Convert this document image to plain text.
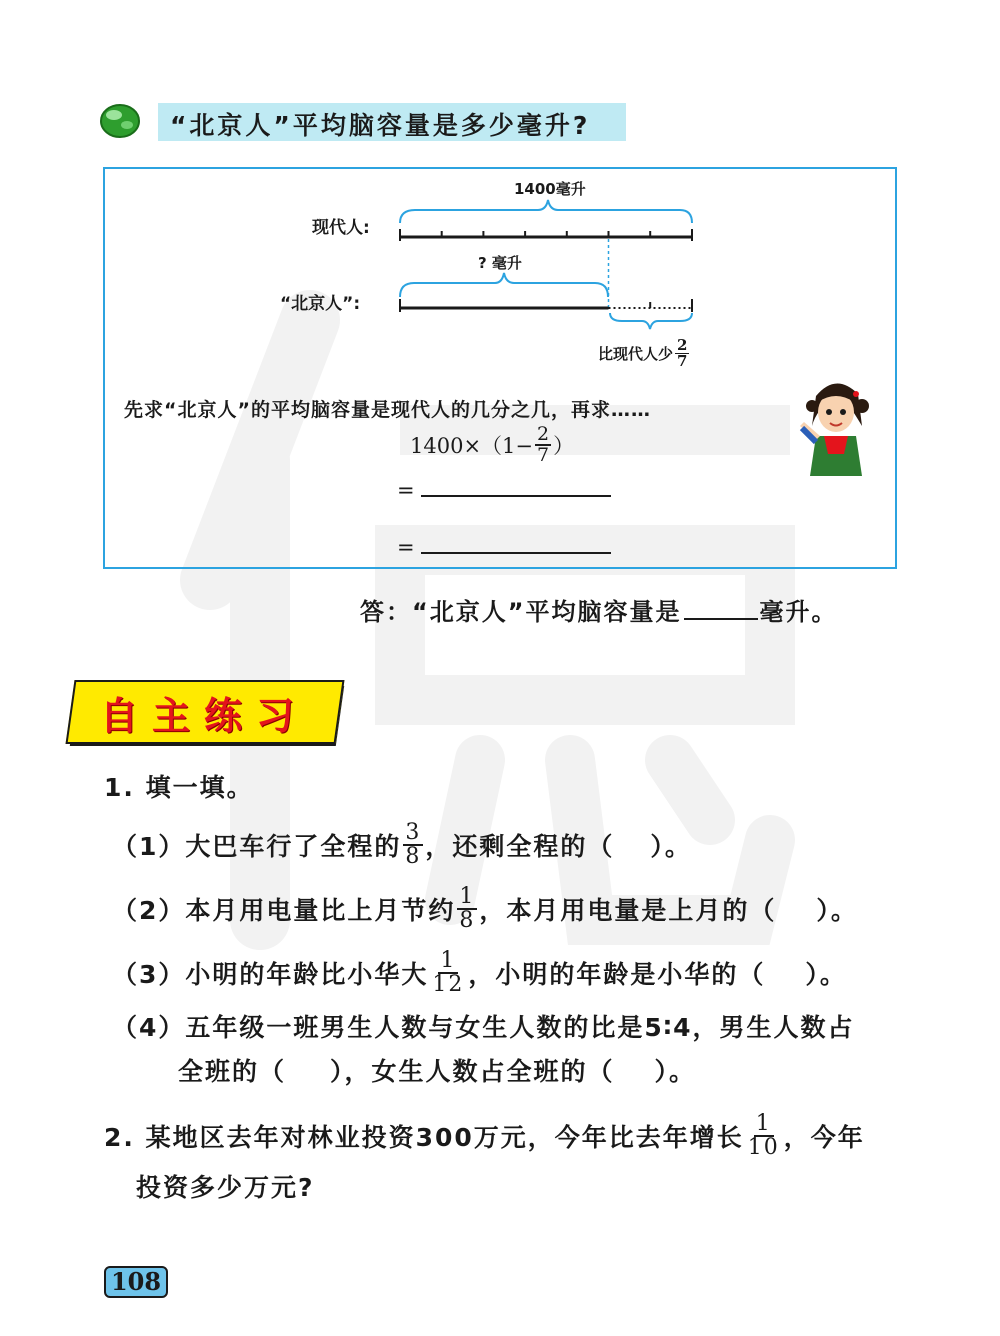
“北京人”平均脑容量是多少毫升?
1400毫升
现代人:
? 毫升
“北京人”:
比现代人少 $\frac{2}{7}$
先求“北京人”的平均脑容量是现代人的几分之几，再求……
$1400\times(1- \frac{2}{7}$ ）
=
=
答：“北京人”平均脑容量是	毫升。
自主练习
1. 填一填。
（1）大巴车行了全程的 $\frac{3}{8}$ ，还剩全程的（ ）。
（2）本月用电量比上月节约 $\frac{1}{8}$ ，本月用电量是上月的（ ）。
（3）小明的年龄比小华大 $\frac{1}{12}$ ，小明的年龄是小华的（ ）。
（4）五年级一班男生人数与女生人数的比是5∶4，男生人数占
全班的（ ），女生人数占全班的（ ）。
2. 某地区去年对林业投资300万元，今年比去年增长 $\frac{1}{10}$ ，今年
投资多少万元?
108
